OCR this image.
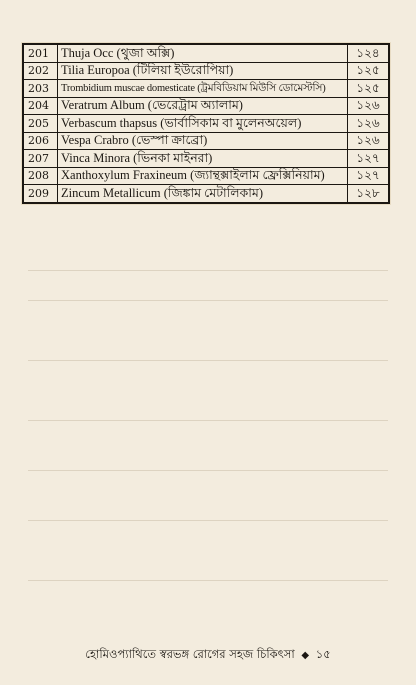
201	Thuja Occ (থুজা অক্সি)	১২৪
202	Tilia Europoa (টিলিয়া ইউরোপিয়া)	১২৫
203	Trombidium muscae domesticate (ট্রমবিডিয়াম মিউসি ডোমেস্টসি)	১২৫
204	Veratrum Album (ভেরেট্রাম অ্যালাম)	১২৬
205	Verbascum thapsus (ভার্বাসিকাম বা মুলেনঅয়েল)	১২৬
206	Vespa Crabro (ভেস্পা ক্রাব্রো)	১২৬
207	Vinca Minora (ভিনকা মাইনরা)	১২৭
208	Xanthoxylum Fraxineum (জ্যান্থক্সাইলাম ফ্রেক্সিনিয়াম)	১২৭
209	Zincum Metallicum (জিঙ্কাম মেটালিকাম)	১২৮
হোমিওপ্যাথিতে স্বরভঙ্গ রোগের সহজ চিকিৎসা ◆ ১৫
